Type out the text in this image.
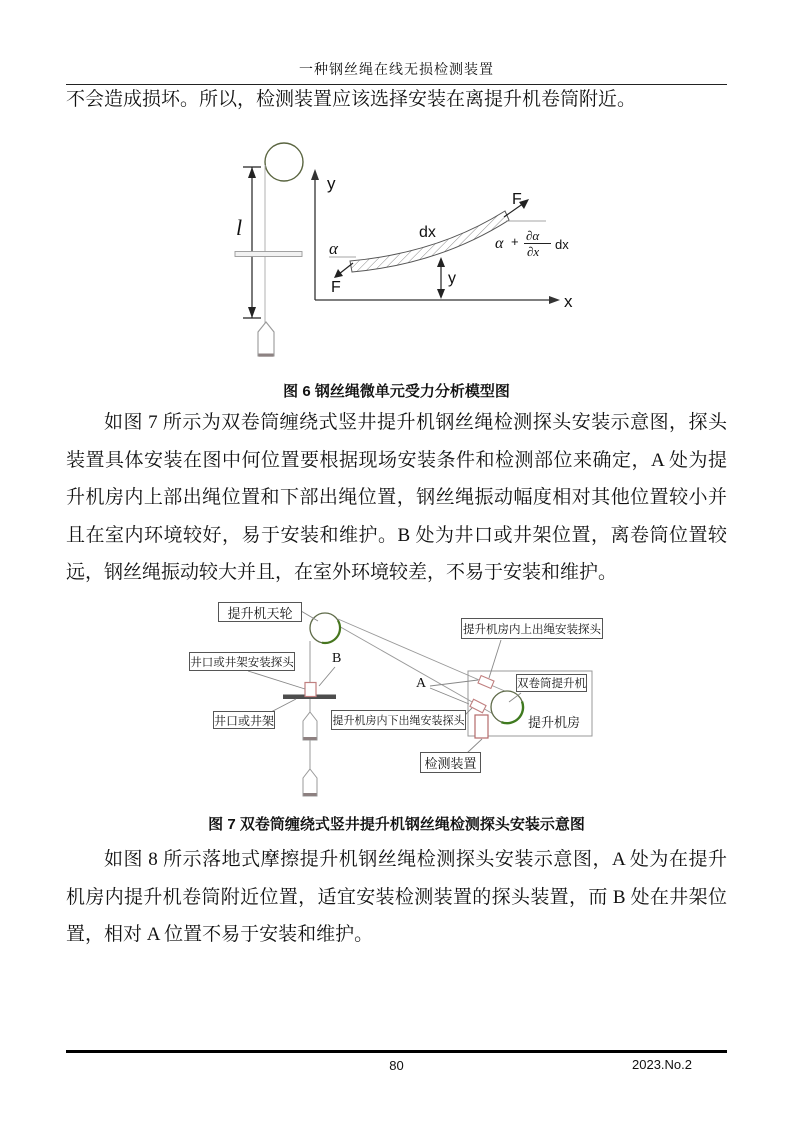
一种钢丝绳在线无损检测装置

不会造成损坏。所以，检测装置应该选择安装在离提升机卷筒附近。

l
y
x
dx
α
F
F
α + ∂α
∂x dx
y
图 6 钢丝绳微单元受力分析模型图

如图 7 所示为双卷筒缠绕式竖井提升机钢丝绳检测探头安装示意图，探头装置具体安装在图中何位置要根据现场安装条件和检测部位来确定，A 处为提升机房内上部出绳位置和下部出绳位置，钢丝绳振动幅度相对其他位置较小并且在室内环境较好，易于安装和维护。B 处为井口或井架位置，离卷筒位置较远，钢丝绳振动较大并且，在室外环境较差，不易于安装和维护。

提升机天轮
井口或井架安装探头
井口或井架
提升机房内上出绳安装探头
双卷筒提升机
提升机房内下出绳安装探头
检测装置
A
B
提升机房
图 7 双卷筒缠绕式竖井提升机钢丝绳检测探头安装示意图

如图 8 所示落地式摩擦提升机钢丝绳检测探头安装示意图，A 处为在提升机房内提升机卷筒附近位置，适宜安装检测装置的探头装置，而 B 处在井架位置，相对 A 位置不易于安装和维护。

80	2023.No.2
